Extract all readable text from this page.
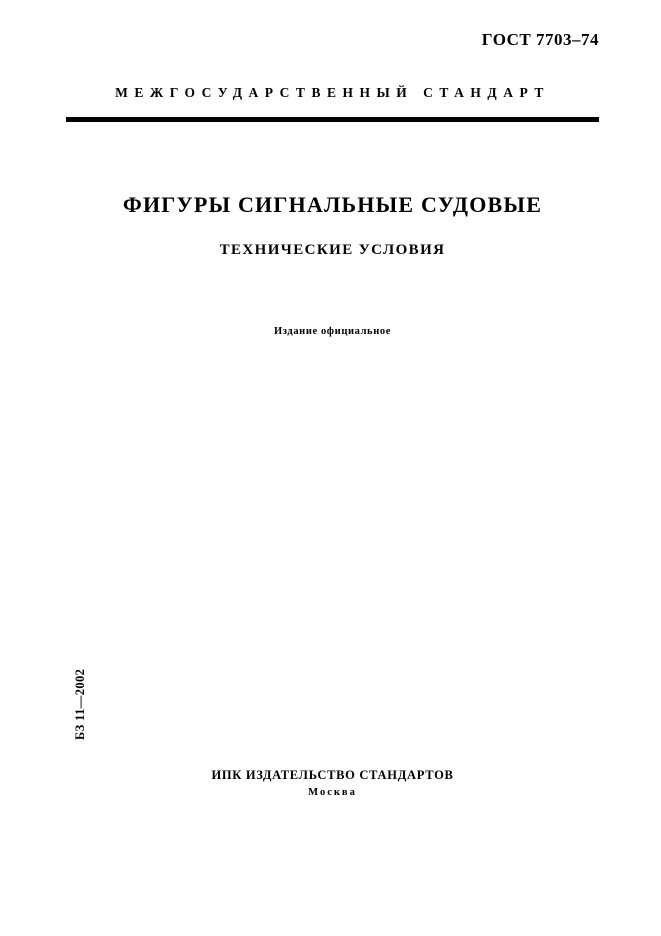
ГОСТ 7703‒74
МЕЖГОСУДАРСТВЕННЫЙ СТАНДАРТ
ФИГУРЫ СИГНАЛЬНЫЕ СУДОВЫЕ
ТЕХНИЧЕСКИЕ УСЛОВИЯ
Издание официальное
БЗ 11—2002
ИПК ИЗДАТЕЛЬСТВО СТАНДАРТОВ
Москва
